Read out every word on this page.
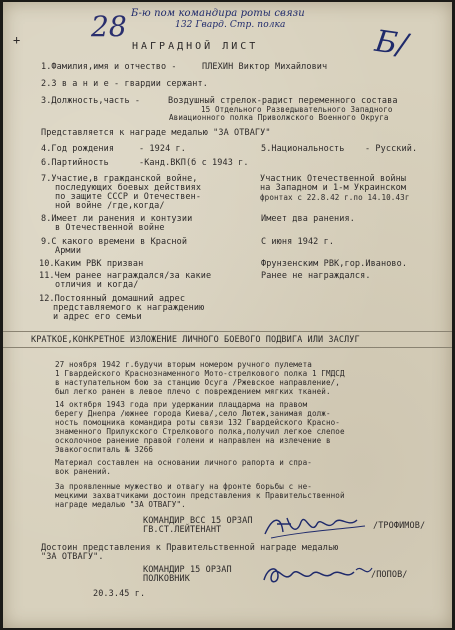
28 Б-ю пом командира роты связи
132 Гвард. Стр. полка	Б/
+	НАГРАДНОЙ ЛИСТ
1.Фамилия,имя и отчество -	ПЛЕХИН Виктор Михайлович
2.З в а н и е - гвардии сержант.
3.Должность,часть -	Воздушный стрелок-радист переменного состава
15 Отдельного Разведывательного Западного
Авиационного полка Приволжского Военного Округа
Представляется к награде медалью "ЗА ОТВАГУ"
4.Год рождения	- 1924 г.	5.Национальность - Русский.
6.Партийность	-Канд.ВКП(б с 1943 г.
7.Участие,в гражданской войне,
последующих боевых действиях
по защите СССР и Отечествен-
ной войне /где,когда/
Участник Отечественной войны
на Западном и 1-м Украинском
фронтах с 22.8.42 г.по 14.10.43г
8.Имеет ли ранения и контузии
в Отечественной войне
Имеет два ранения.
9.С какого времени в Красной
Армии
С июня 1942 г.
10.Каким РВК призван	Фрунзенским РВК,гор.Иваново.
11.Чем ранее награждался/за какие
отличия и когда/
Ранее не награждался.
12.Постоянный домашний адрес
представляемого к награждению
и адрес его семьи
КРАТКОЕ,КОНКРЕТНОЕ ИЗЛОЖЕНИЕ ЛИЧНОГО БОЕВОГО ПОДВИГА ИЛИ ЗАСЛУГ
27 ноября 1942 г.будучи вторым номером ручного пулемета
1 Гвардейского Краснознаменного Мото-стрелкового полка 1 ГМДСД
в наступательном бою за станцию Осуга /Ржевское направление/,
был легко ранен в левое плечо с повреждением мягких тканей.
14 октября 1943 года при удержании плацдарма на правом
берегу Днепра /южнее города Киева/,село Лютеж,занимая долж-
ность помощника командира роты связи 132 Гвардейского Красно-
знаменного Прилукского Стрелкового полка,получил легкое слепое
осколочное ранение правой голени и направлен на излечение в
Эвакогоспиталь № 3266
Материал составлен на основании личного рапорта и спра-
вок ранений.
За проявленные мужество и отвагу на фронте борьбы с не-
мецкими захватчиками достоин представления к Правительственной
награде медалью "ЗА ОТВАГУ".
КОМАНДИР ВСС 15 ОРЗАП
ГВ.СТ.ЛЕЙТЕНАНТ	/ТРОФИМОВ/
Достоин представления к Правительственной награде медалью
"ЗА ОТВАГУ".
КОМАНДИР 15 ОРЗАП
ПОЛКОВНИК	/ПОПОВ/
20.3.45 г.
